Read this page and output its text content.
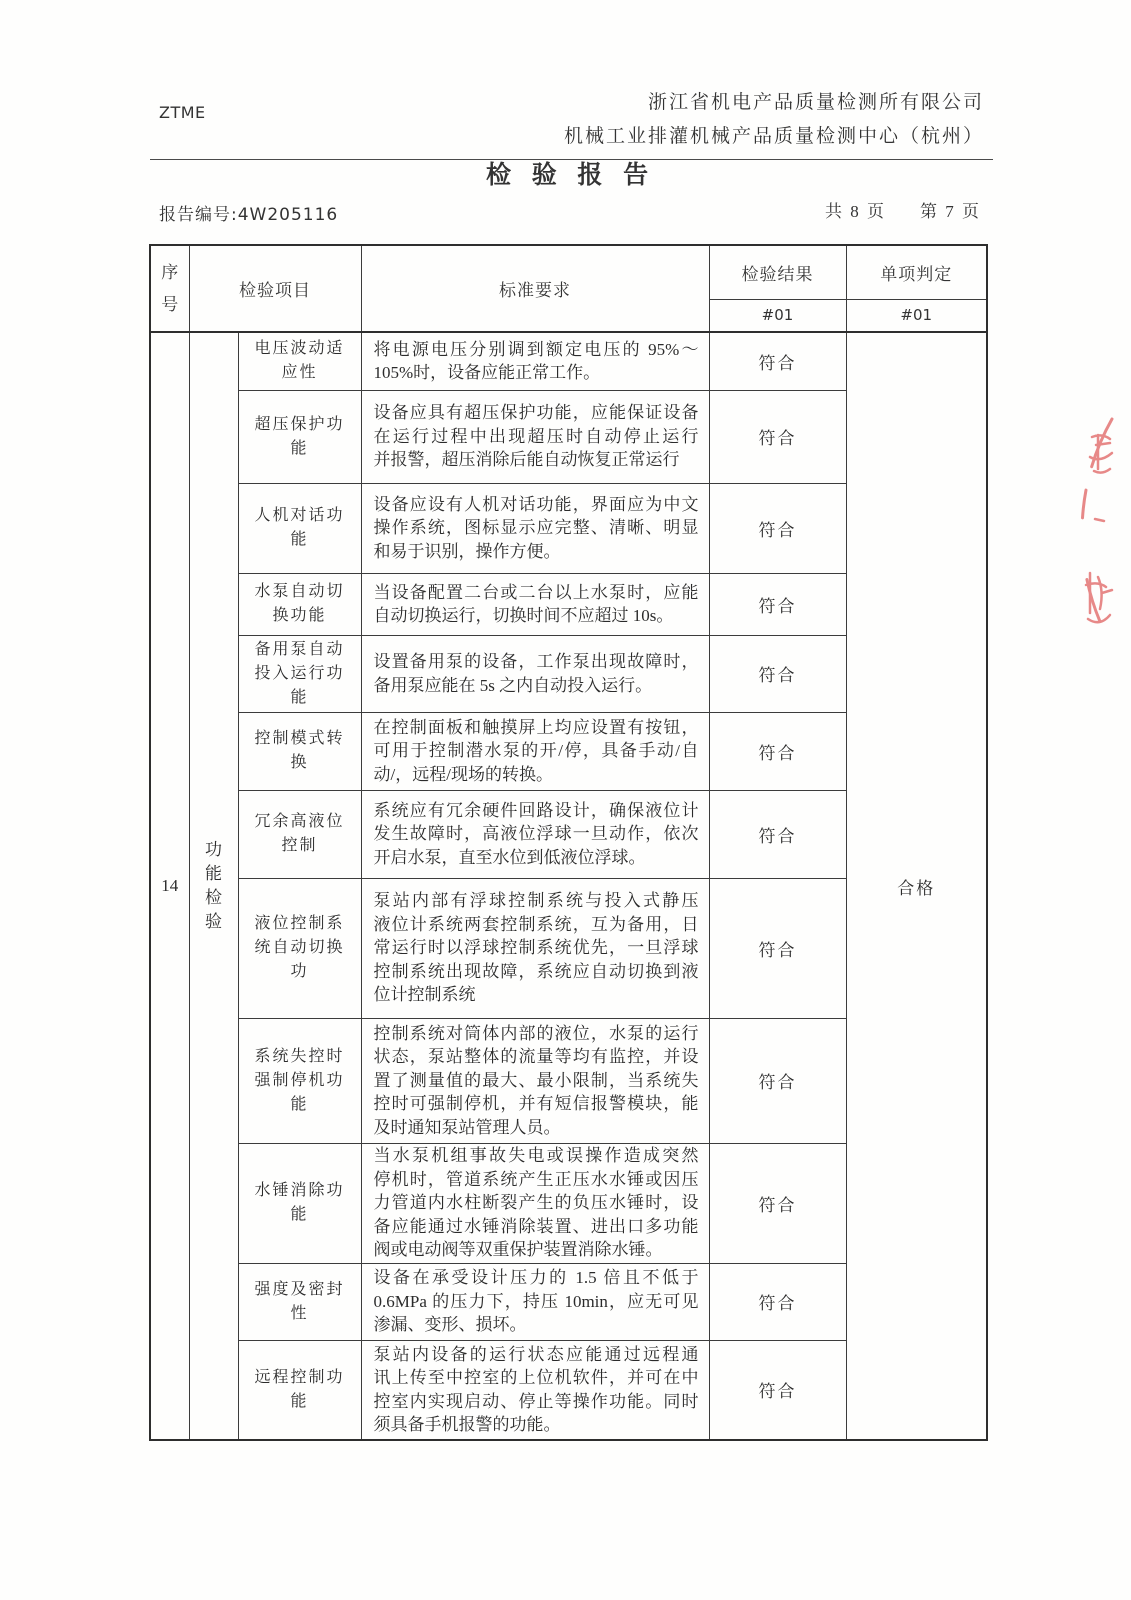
ZTME	浙江省机电产品质量检测所有限公司
机械工业排灌机械产品质量检测中心（杭州）
检 验 报 告
报告编号:4W205116	共 8 页 第 7 页
序号	检验项目		标准要求	检验结果	单项判定
				#01	#01
14	功能检验	电压波动适应性	将电源电压分别调到额定电压的 95%～
105%时，设备应能正常工作。	符合	合格

		超压保护功能	设备应具有超压保护功能，应能保证设备
在运行过程中出现超压时自动停止运行
并报警，超压消除后能自动恢复正常运行	符合	

		人机对话功能	设备应设有人机对话功能，界面应为中文
操作系统，图标显示应完整、清晰、明显
和易于识别，操作方便。	符合	

		水泵自动切换功能	当设备配置二台或二台以上水泵时，应能
自动切换运行，切换时间不应超过 10s。	符合	

		备用泵自动投入运行功能	设置备用泵的设备，工作泵出现故障时，
备用泵应能在 5s 之内自动投入运行。	符合	

		控制模式转换	在控制面板和触摸屏上均应设置有按钮，
可用于控制潜水泵的开/停，具备手动/自
动/，远程/现场的转换。	符合	

		冗余高液位控制	系统应有冗余硬件回路设计，确保液位计
发生故障时，高液位浮球一旦动作，依次
开启水泵，直至水位到低液位浮球。	符合	

		液位控制系统自动切换功	泵站内部有浮球控制系统与投入式静压
液位计系统两套控制系统，互为备用，日
常运行时以浮球控制系统优先，一旦浮球
控制系统出现故障，系统应自动切换到液
位计控制系统	符合	

		系统失控时强制停机功能	控制系统对筒体内部的液位，水泵的运行
状态，泵站整体的流量等均有监控，并设
置了测量值的最大、最小限制，当系统失
控时可强制停机，并有短信报警模块，能
及时通知泵站管理人员。	符合	

		水锤消除功能	当水泵机组事故失电或误操作造成突然
停机时，管道系统产生正压水水锤或因压
力管道内水柱断裂产生的负压水锤时，设
备应能通过水锤消除装置、进出口多功能
阀或电动阀等双重保护装置消除水锤。	符合	

		强度及密封性	设备在承受设计压力的 1.5 倍且不低于
0.6MPa 的压力下，持压 10min，应无可见
渗漏、变形、损坏。	符合	

		远程控制功能	泵站内设备的运行状态应能通过远程通
讯上传至中控室的上位机软件，并可在中
控室内实现启动、停止等操作功能。同时
须具备手机报警的功能。	符合	
